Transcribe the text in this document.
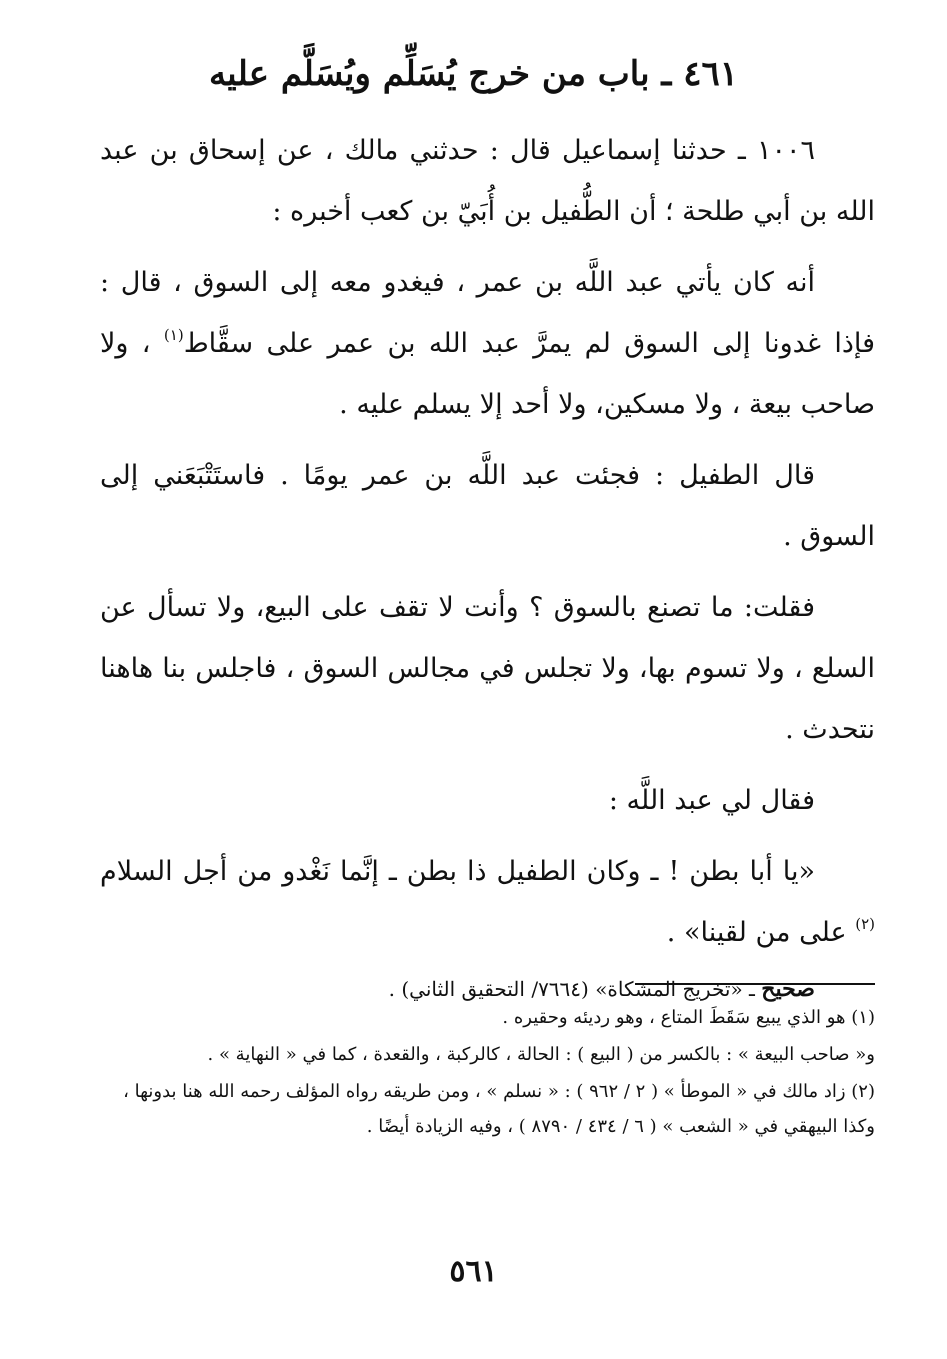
٤٦١ ـ باب من خرج يُسَلِّم ويُسَلَّم عليه

١٠٠٦ ـ حدثنا إسماعيل قال : حدثني مالك ، عن إسحاق بن عبد الله بن أبي طلحة ؛ أن الطُّفيل بن أُبَيّ بن كعب أخبره :

أنه كان يأتي عبد اللَّه بن عمر ، فيغدو معه إلى السوق ، قال : فإذا غدونا إلى السوق لم يمرَّ عبد الله بن عمر على سقَّاط$^{(١)}$ ، ولا صاحب بيعة ، ولا مسكين، ولا أحد إلا يسلم عليه .

قال الطفيل : فجئت عبد اللَّه بن عمر يومًا . فاستَتْبَعَني إلى السوق .

فقلت: ما تصنع بالسوق ؟ وأنت لا تقف على البيع، ولا تسأل عن السلع ، ولا تسوم بها، ولا تجلس في مجالس السوق ، فاجلس بنا هاهنا نتحدث .

فقال لي عبد اللَّه :

«يا أبا بطن ! ـ وكان الطفيل ذا بطن ـ إنَّما نَغْدو من أجل السلام $^{(٢)}$ على من لقينا» .

صحيح ـ «تخريج المشكاة» (٧٦٦٤/ التحقيق الثاني) .

(١) هو الذي يبيع سَقَطَ المتاع ، وهو رديئه وحقيره .

و« صاحب البيعة » : بالكسر من ( البيع ) : الحالة ، كالركبة ، والقعدة ، كما في « النهاية » .

(٢) زاد مالك في « الموطأ » ( ٢ / ٩٦٢ ) : « نسلم » ، ومن طريقه رواه المؤلف رحمه الله هنا بدونها ، وكذا البيهقي في « الشعب » ( ٦ / ٤٣٤ / ٨٧٩٠ ) ، وفيه الزيادة أيضًا .

٥٦١
